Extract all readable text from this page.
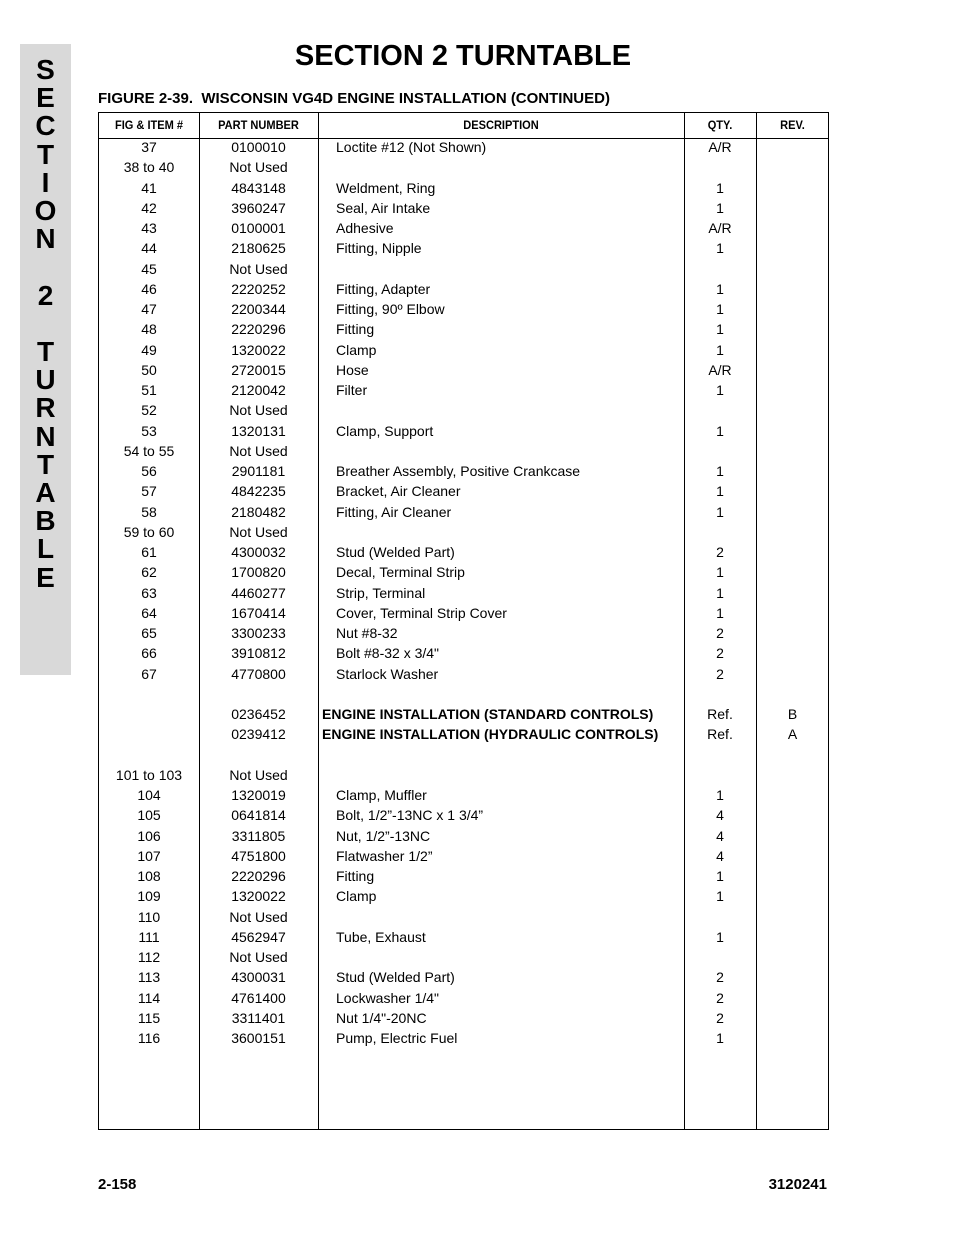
S
E
C
T
I
O
N
2
T
U
R
N
T
A
B
L
E
SECTION 2 TURNTABLE
FIGURE 2-39.  WISCONSIN VG4D ENGINE INSTALLATION (CONTINUED)
FIG & ITEM #	PART NUMBER	DESCRIPTION	QTY.	REV.
37	0100010	Loctite #12 (Not Shown)	A/R
38 to 40	Not Used
41	4843148	Weldment, Ring	1
42	3960247	Seal, Air Intake	1
43	0100001	Adhesive	A/R
44	2180625	Fitting, Nipple	1
45	Not Used
46	2220252	Fitting, Adapter	1
47	2200344	Fitting, 90º Elbow	1
48	2220296	Fitting	1
49	1320022	Clamp	1
50	2720015	Hose	A/R
51	2120042	Filter	1
52	Not Used
53	1320131	Clamp, Support	1
54 to 55	Not Used
56	2901181	Breather Assembly, Positive Crankcase	1
57	4842235	Bracket, Air Cleaner	1
58	2180482	Fitting, Air Cleaner	1
59 to 60	Not Used
61	4300032	Stud (Welded Part)	2
62	1700820	Decal, Terminal Strip	1
63	4460277	Strip, Terminal	1
64	1670414	Cover, Terminal Strip Cover	1
65	3300233	Nut #8-32	2
66	3910812	Bolt #8-32 x 3/4"	2
67	4770800	Starlock Washer	2
0236452	ENGINE INSTALLATION (STANDARD CONTROLS)	Ref.	B
0239412	ENGINE INSTALLATION (HYDRAULIC CONTROLS)	Ref.	A
101 to 103	Not Used
104	1320019	Clamp, Muffler	1
105	0641814	Bolt, 1/2”-13NC x 1 3/4”	4
106	3311805	Nut, 1/2”-13NC	4
107	4751800	Flatwasher 1/2”	4
108	2220296	Fitting	1
109	1320022	Clamp	1
110	Not Used
111	4562947	Tube, Exhaust	1
112	Not Used
113	4300031	Stud (Welded Part)	2
114	4761400	Lockwasher 1/4"	2
115	3311401	Nut 1/4"-20NC	2
116	3600151	Pump, Electric Fuel	1
2-158	3120241
